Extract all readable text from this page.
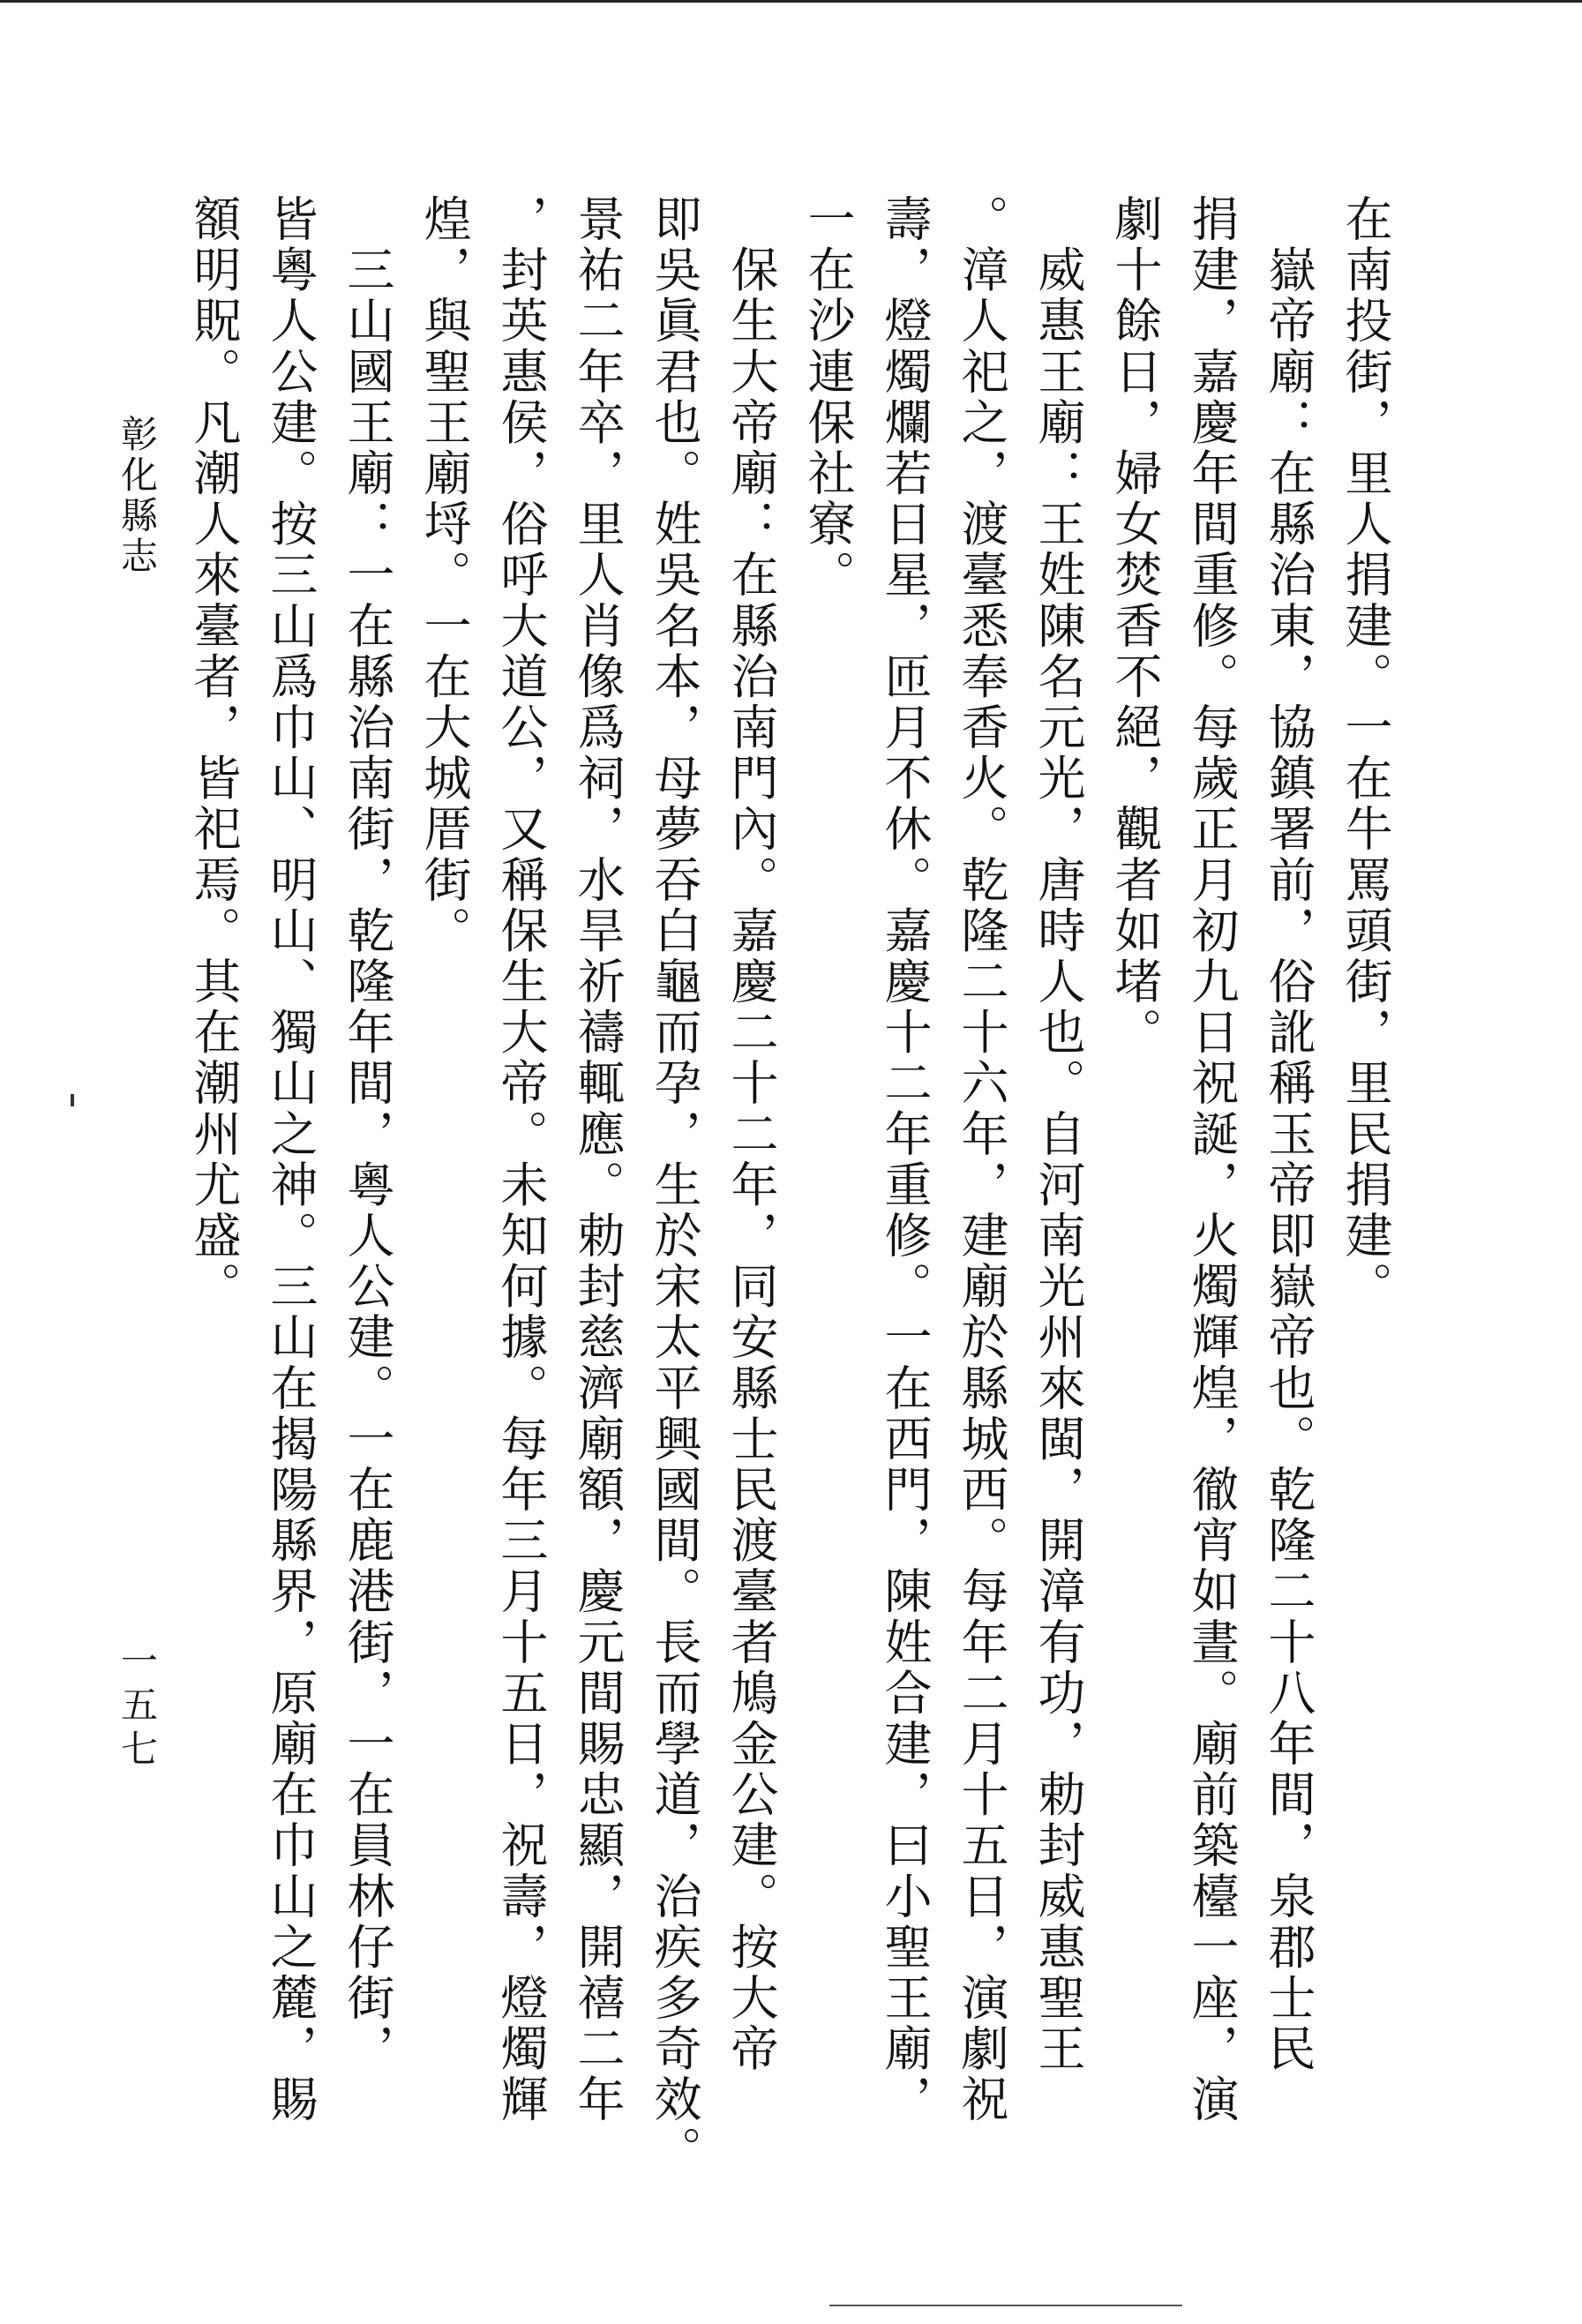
在南投街，里人捐建。一在牛罵頭街，里民捐建。
　嶽帝廟：在縣治東，協鎮署前，俗訛稱玉帝即嶽帝也。乾隆二十八年間，泉郡士民
捐建，嘉慶年間重修。每歲正月初九日祝誕，火燭輝煌，徹宵如晝。廟前築檯一座，演
劇十餘日，婦女焚香不絕，觀者如堵。
　威惠王廟：王姓陳名元光，唐時人也。自河南光州來閩，開漳有功，勅封威惠聖王
。漳人祀之，渡臺悉奉香火。乾隆二十六年，建廟於縣城西。每年二月十五日，演劇祝
壽，燈燭爛若日星，匝月不休。嘉慶十二年重修。一在西門，陳姓合建，曰小聖王廟，
一在沙連保社寮。
　保生大帝廟：在縣治南門內。嘉慶二十二年，同安縣士民渡臺者鳩金公建。按大帝
即吳眞君也。姓吳名本，母夢吞白龜而孕，生於宋太平興國間。長而學道，治疾多奇效。
景祐二年卒，里人肖像爲祠，水旱祈禱輒應。勅封慈濟廟額，慶元間賜忠顯，開禧二年
，封英惠侯，俗呼大道公，又稱保生大帝。未知何據。每年三月十五日，祝壽，燈燭輝
煌，與聖王廟埒。一在大城厝街。
　三山國王廟：一在縣治南街，乾隆年間，粵人公建。一在鹿港街，一在員林仔街，
皆粵人公建。按三山爲巾山、明山、獨山之神。三山在揭陽縣界，原廟在巾山之麓，賜
額明貺。凡潮人來臺者，皆祀焉。其在潮州尤盛。
彰化縣志
一五七
